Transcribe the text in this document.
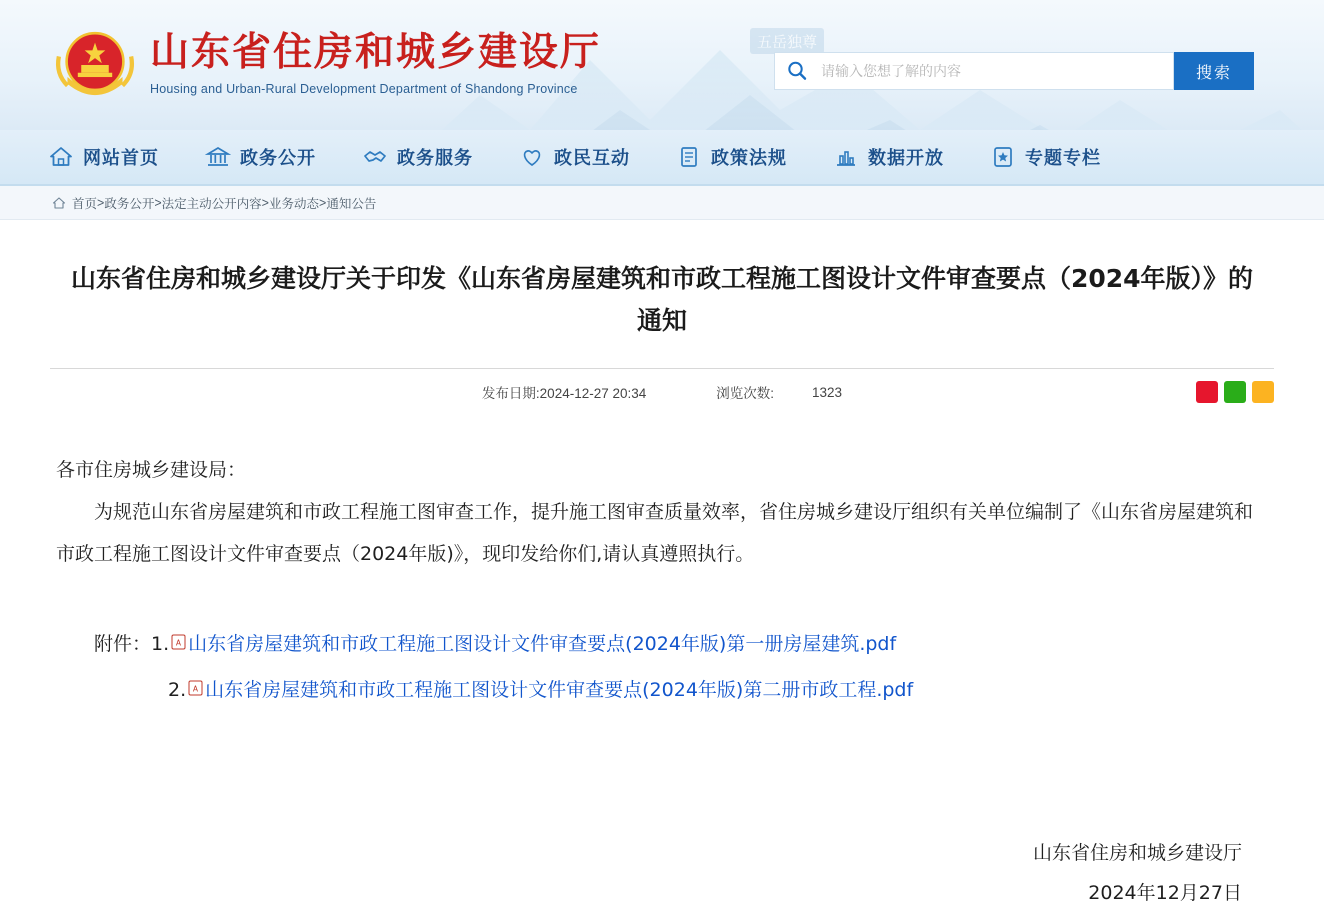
五岳独尊
山东省住房和城乡建设厅
Housing and Urban-Rural Development Department of Shandong Province
请输入您想了解的内容
搜索
网站首页	政务公开	政务服务	政民互动	政策法规	数据开放	专题专栏
首页 > 政务公开 > 法定主动公开内容 > 业务动态 > 通知公告
山东省住房和城乡建设厅关于印发《山东省房屋建筑和市政工程施工图设计文件审查要点（2024年版）》的通知
发布日期:2024-12-27 20:34	浏览次数:	1323
各市住房城乡建设局：
为规范山东省房屋建筑和市政工程施工图审查工作，提升施工图审查质量效率，省住房城乡建设厅组织有关单位编制了《山东省房屋建筑和市政工程施工图设计文件审查要点（2024年版)》，现印发给你们,请认真遵照执行。
附件： 1. A 山东省房屋建筑和市政工程施工图设计文件审查要点(2024年版)第一册房屋建筑.pdf
2. A 山东省房屋建筑和市政工程施工图设计文件审查要点(2024年版)第二册市政工程.pdf
山东省住房和城乡建设厅
2024年12月27日
